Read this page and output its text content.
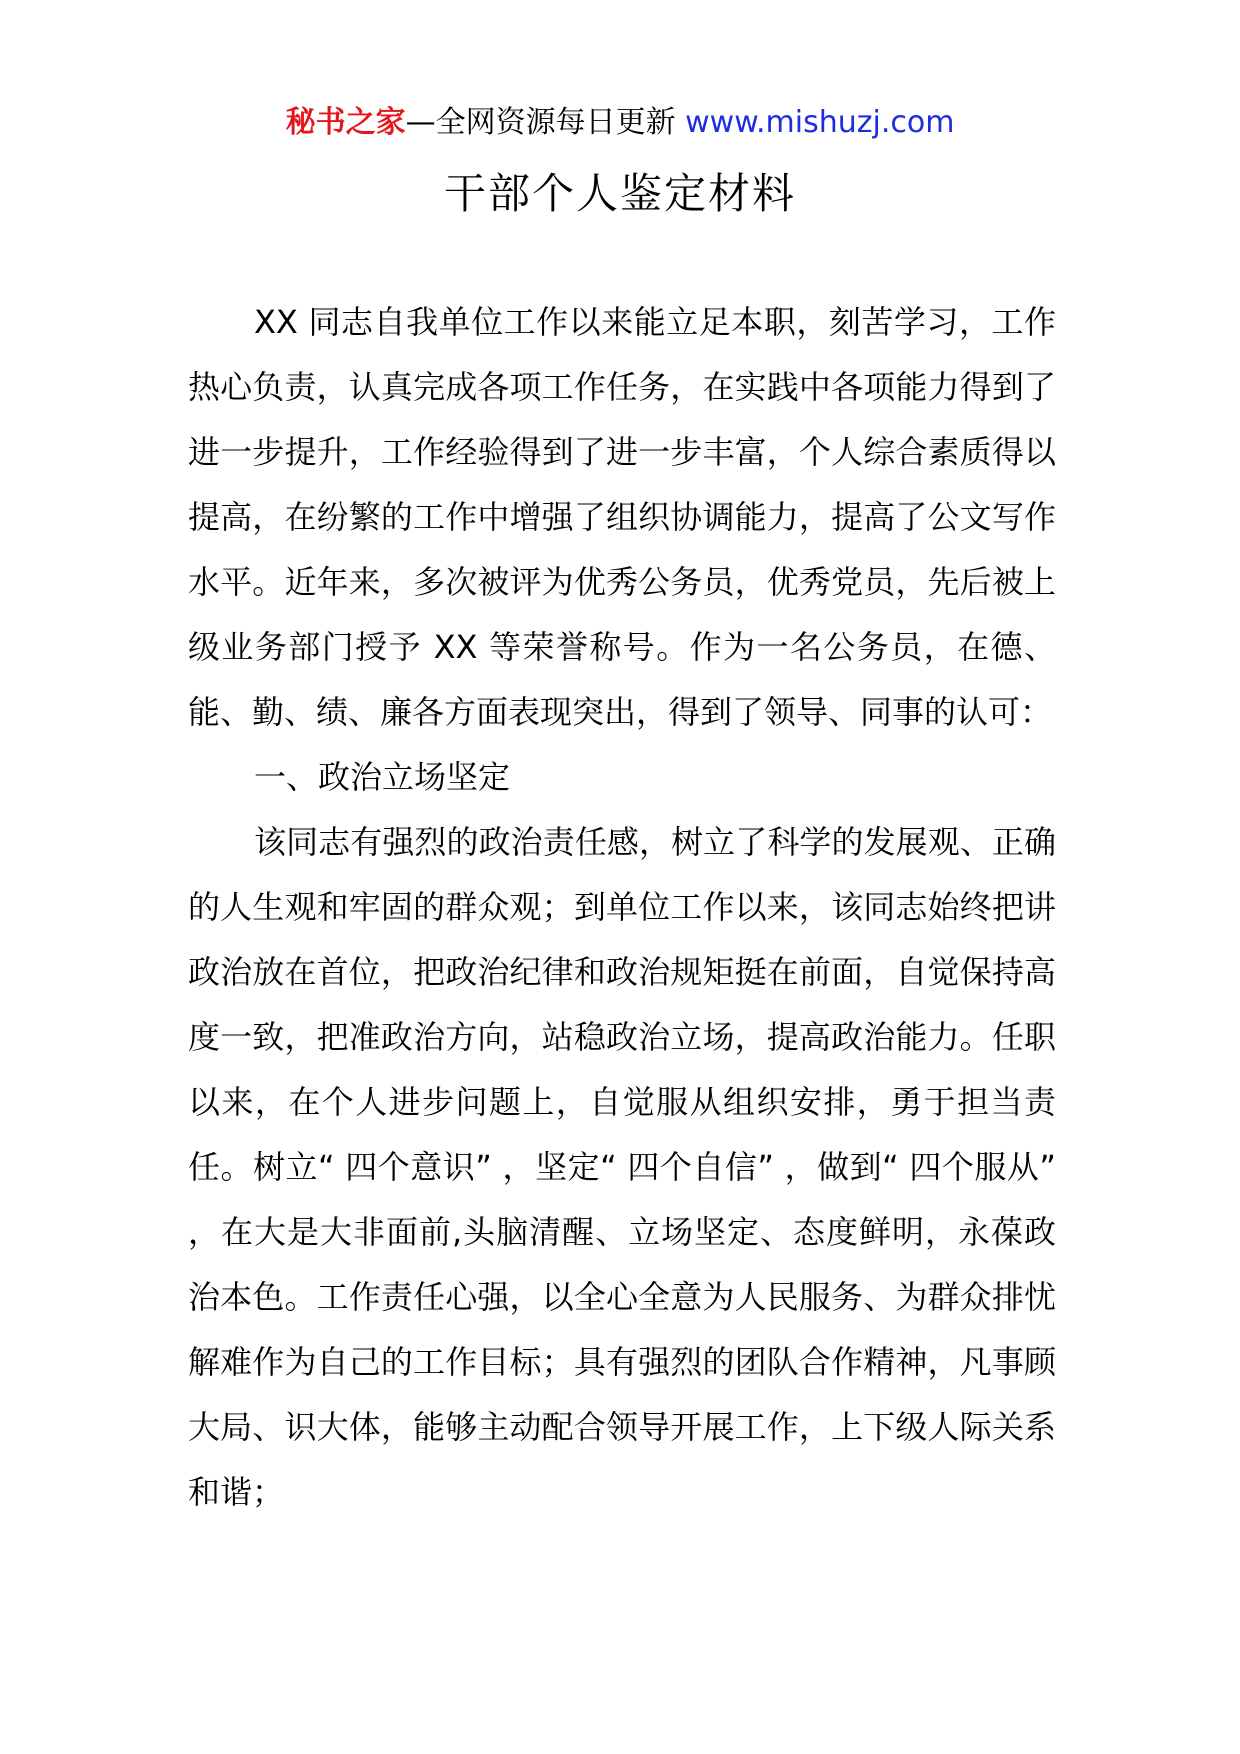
秘书之家—全网资源每日更新 www.mishuzj.com
干部个人鉴定材料

XX 同志自我单位工作以来能立足本职，刻苦学习，工作热心负责，认真完成各项工作任务，在实践中各项能力得到了进一步提升，工作经验得到了进一步丰富，个人综合素质得以提高，在纷繁的工作中增强了组织协调能力，提高了公文写作水平。近年来，多次被评为优秀公务员，优秀党员，先后被上级业务部门授予 XX 等荣誉称号。作为一名公务员，在德、能、勤、绩、廉各方面表现突出，得到了领导、同事的认可：

一、政治立场坚定

该同志有强烈的政治责任感，树立了科学的发展观、正确的人生观和牢固的群众观；到单位工作以来，该同志始终把讲政治放在首位，把政治纪律和政治规矩挺在前面，自觉保持高度一致，把准政治方向，站稳政治立场，提高政治能力。任职以来，在个人进步问题上，自觉服从组织安排，勇于担当责任。树立“ 四个意识” ，坚定“ 四个自信” ，做到“ 四个服从” ，在大是大非面前,头脑清醒、立场坚定、态度鲜明，永葆政治本色。工作责任心强，以全心全意为人民服务、为群众排忧解难作为自己的工作目标；具有强烈的团队合作精神，凡事顾大局、识大体，能够主动配合领导开展工作，上下级人际关系和谐；
